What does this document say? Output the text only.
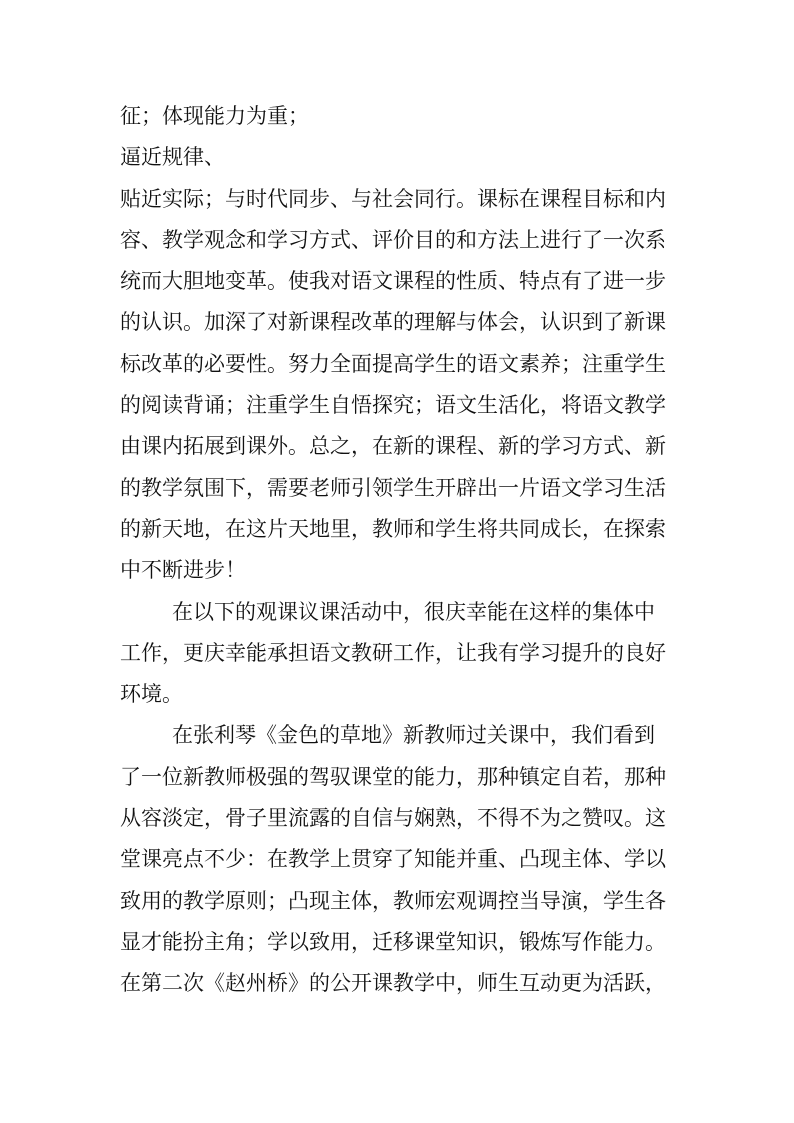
征；体现能力为重；
逼近规律、
贴近实际；与时代同步、与社会同行。课标在课程目标和内
容、教学观念和学习方式、评价目的和方法上进行了一次系
统而大胆地变革。使我对语文课程的性质、特点有了进一步
的认识。加深了对新课程改革的理解与体会，认识到了新课
标改革的必要性。努力全面提高学生的语文素养；注重学生
的阅读背诵；注重学生自悟探究；语文生活化，将语文教学
由课内拓展到课外。总之，在新的课程、新的学习方式、新
的教学氛围下，需要老师引领学生开辟出一片语文学习生活
的新天地，在这片天地里，教师和学生将共同成长，在探索
中不断进步！
在以下的观课议课活动中，很庆幸能在这样的集体中
工作，更庆幸能承担语文教研工作，让我有学习提升的良好
环境。
在张利琴《金色的草地》新教师过关课中，我们看到
了一位新教师极强的驾驭课堂的能力，那种镇定自若，那种
从容淡定，骨子里流露的自信与娴熟，不得不为之赞叹。这
堂课亮点不少：在教学上贯穿了知能并重、凸现主体、学以
致用的教学原则；凸现主体，教师宏观调控当导演，学生各
显才能扮主角；学以致用，迁移课堂知识，锻炼写作能力。
在第二次《赵州桥》的公开课教学中，师生互动更为活跃，
